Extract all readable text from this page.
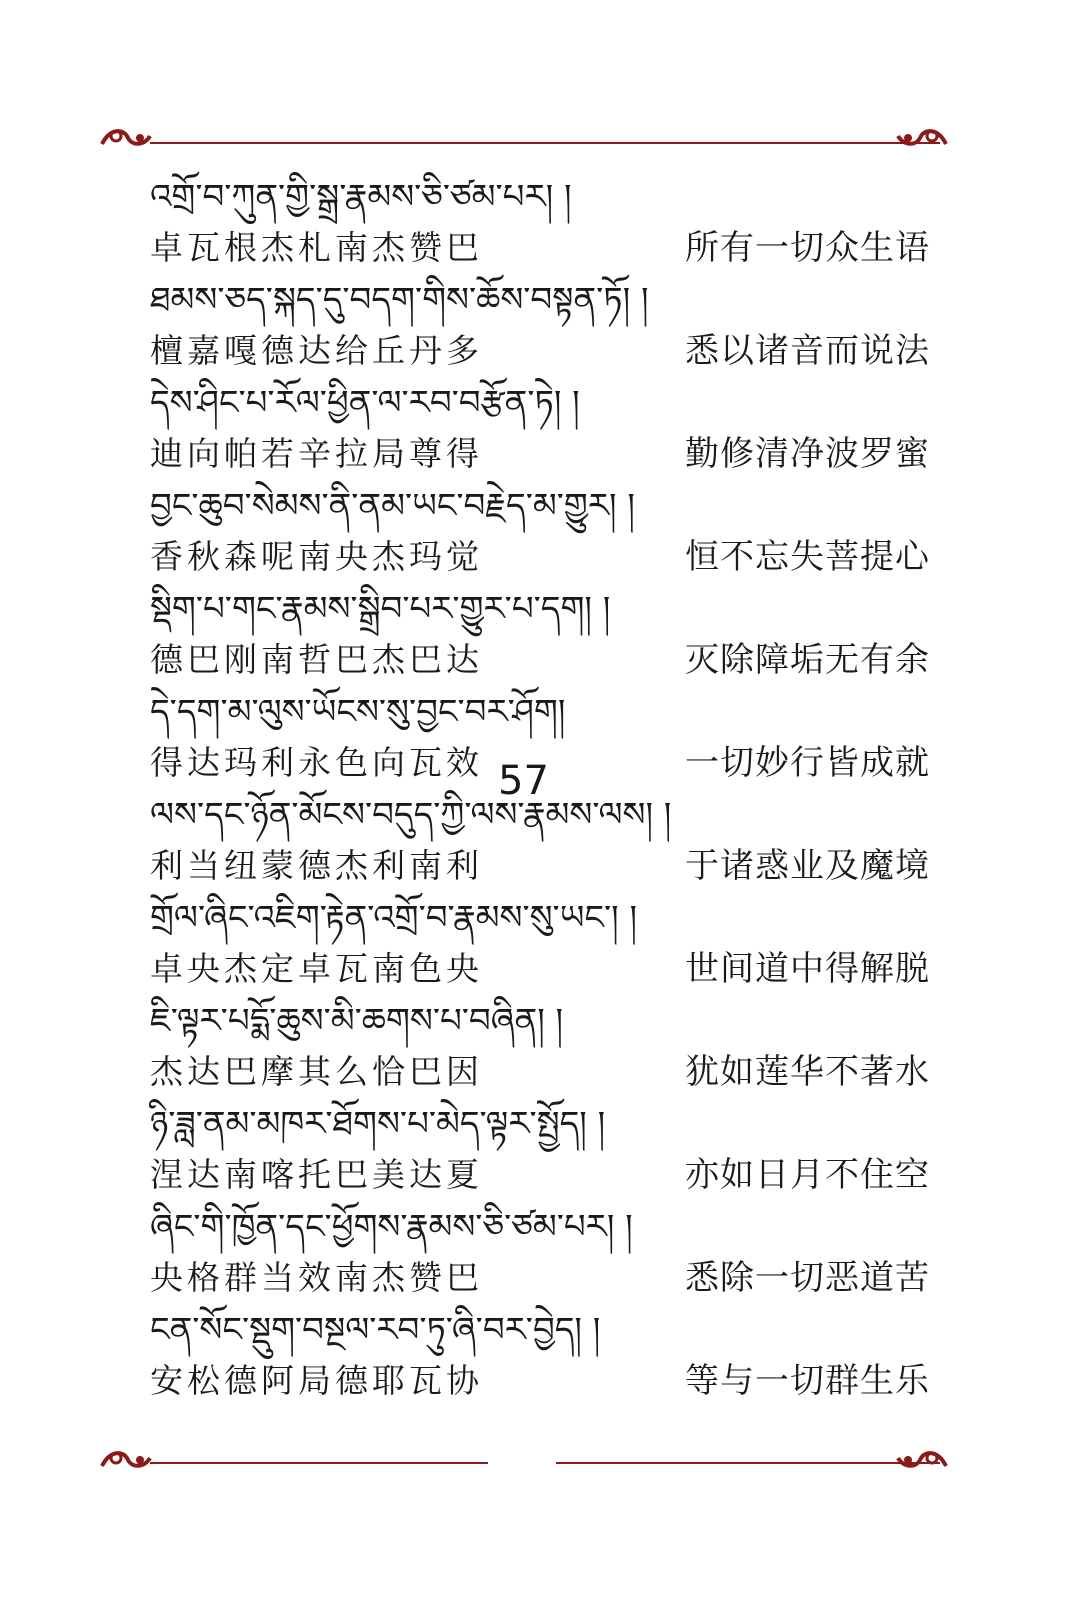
འགྲོ་བ་ཀུན་གྱི་སྒྲ་རྣམས་ཅི་ཙམ་པར། །
卓瓦根杰札南杰赞巴	所有一切众生语
ཐམས་ཅད་སྐད་དུ་བདག་གིས་ཆོས་བསྟན་ཏོ། །
檀嘉嘎德达给丘丹多	悉以诸音而说法
དེས་ཤིང་པ་རོལ་ཕྱིན་ལ་རབ་བརྩོན་ཏེ། །
迪向帕若辛拉局尊得	勤修清净波罗蜜
བྱང་ཆུབ་སེམས་ནི་ནམ་ཡང་བརྗེད་མ་གྱུར། །
香秋森呢南央杰玛觉	恒不忘失菩提心
སྡིག་པ་གང་རྣམས་སྒྲིབ་པར་གྱུར་པ་དག། །
德巴刚南哲巴杰巴达	灭除障垢无有余
དེ་དག་མ་ལུས་ཡོངས་སུ་བྱང་བར་ཤོག།
得达玛利永色向瓦效	一切妙行皆成就
ལས་དང་ཉོན་མོངས་བདུད་ཀྱི་ལས་རྣམས་ལས། །
利当纽蒙德杰利南利	于诸惑业及魔境
གྲོལ་ཞིང་འཇིག་རྟེན་འགྲོ་བ་རྣམས་སུ་ཡང་། །
卓央杰定卓瓦南色央	世间道中得解脱
ཇི་ལྟར་པདྨོ་ཆུས་མི་ཆགས་པ་བཞིན། །
杰达巴摩其么恰巴因	犹如莲华不著水
ཉི་ཟླ་ནམ་མཁར་ཐོགས་པ་མེད་ལྟར་སྤྱོད། །
涅达南喀托巴美达夏	亦如日月不住空
ཞིང་གི་ཁྱོན་དང་ཕྱོགས་རྣམས་ཅི་ཙམ་པར། །
央格群当效南杰赞巴	悉除一切恶道苦
ངན་སོང་སྡུག་བསྔལ་རབ་ཏུ་ཞི་བར་བྱེད། །
安松德阿局德耶瓦协	等与一切群生乐
57
